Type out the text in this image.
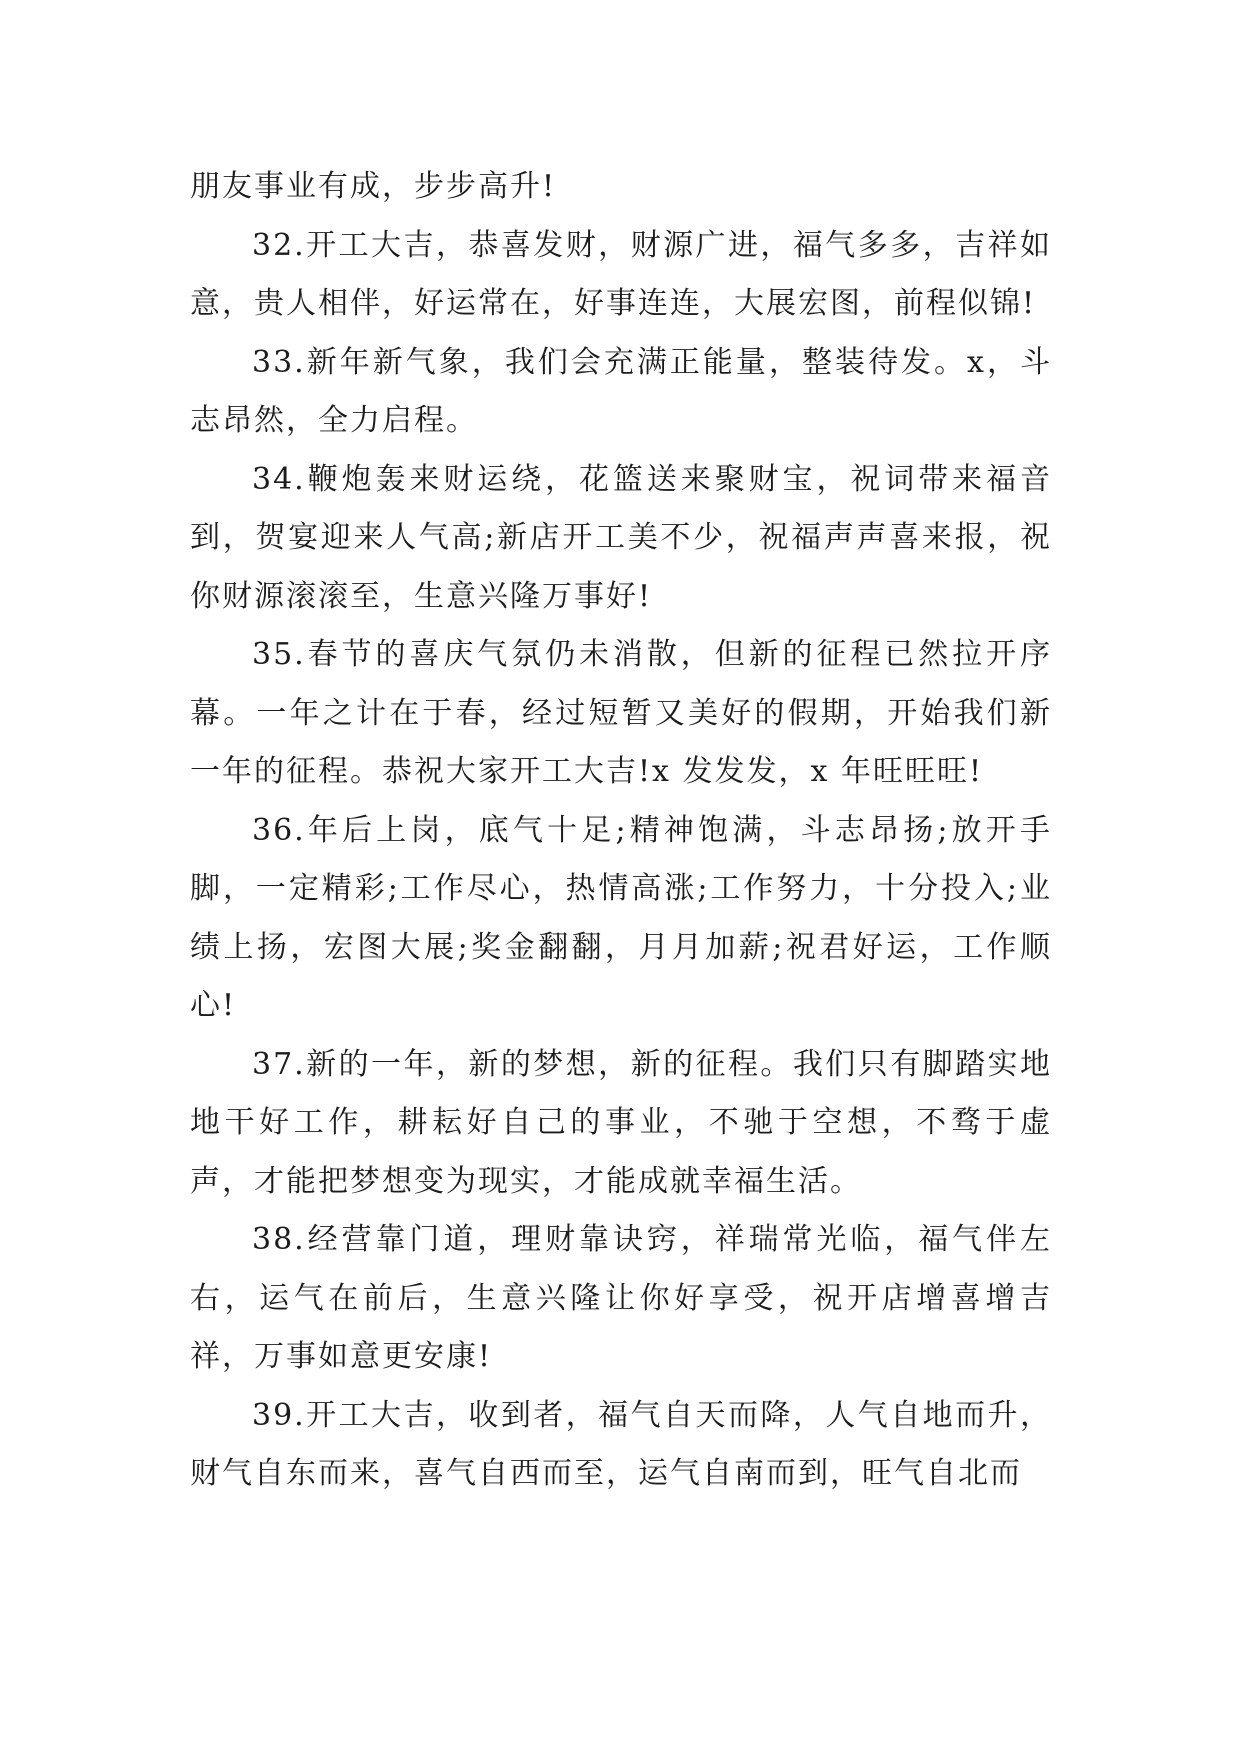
朋友事业有成，步步高升!

32.开工大吉，恭喜发财，财源广进，福气多多，吉祥如意，贵人相伴，好运常在，好事连连，大展宏图，前程似锦!

33.新年新气象，我们会充满正能量，整装待发。x，斗志昂然，全力启程。

34.鞭炮轰来财运绕，花篮送来聚财宝，祝词带来福音到，贺宴迎来人气高;新店开工美不少，祝福声声喜来报，祝你财源滚滚至，生意兴隆万事好!

35.春节的喜庆气氛仍未消散，但新的征程已然拉开序幕。一年之计在于春，经过短暂又美好的假期，开始我们新一年的征程。恭祝大家开工大吉!x 发发发，x 年旺旺旺!

36.年后上岗，底气十足;精神饱满，斗志昂扬;放开手脚，一定精彩;工作尽心，热情高涨;工作努力，十分投入;业绩上扬，宏图大展;奖金翻翻，月月加薪;祝君好运，工作顺心!

37.新的一年，新的梦想，新的征程。我们只有脚踏实地地干好工作，耕耘好自己的事业，不驰于空想，不骛于虚声，才能把梦想变为现实，才能成就幸福生活。

38.经营靠门道，理财靠诀窍，祥瑞常光临，福气伴左右，运气在前后，生意兴隆让你好享受，祝开店增喜增吉祥，万事如意更安康!

39.开工大吉，收到者，福气自天而降，人气自地而升，财气自东而来，喜气自西而至，运气自南而到，旺气自北而
